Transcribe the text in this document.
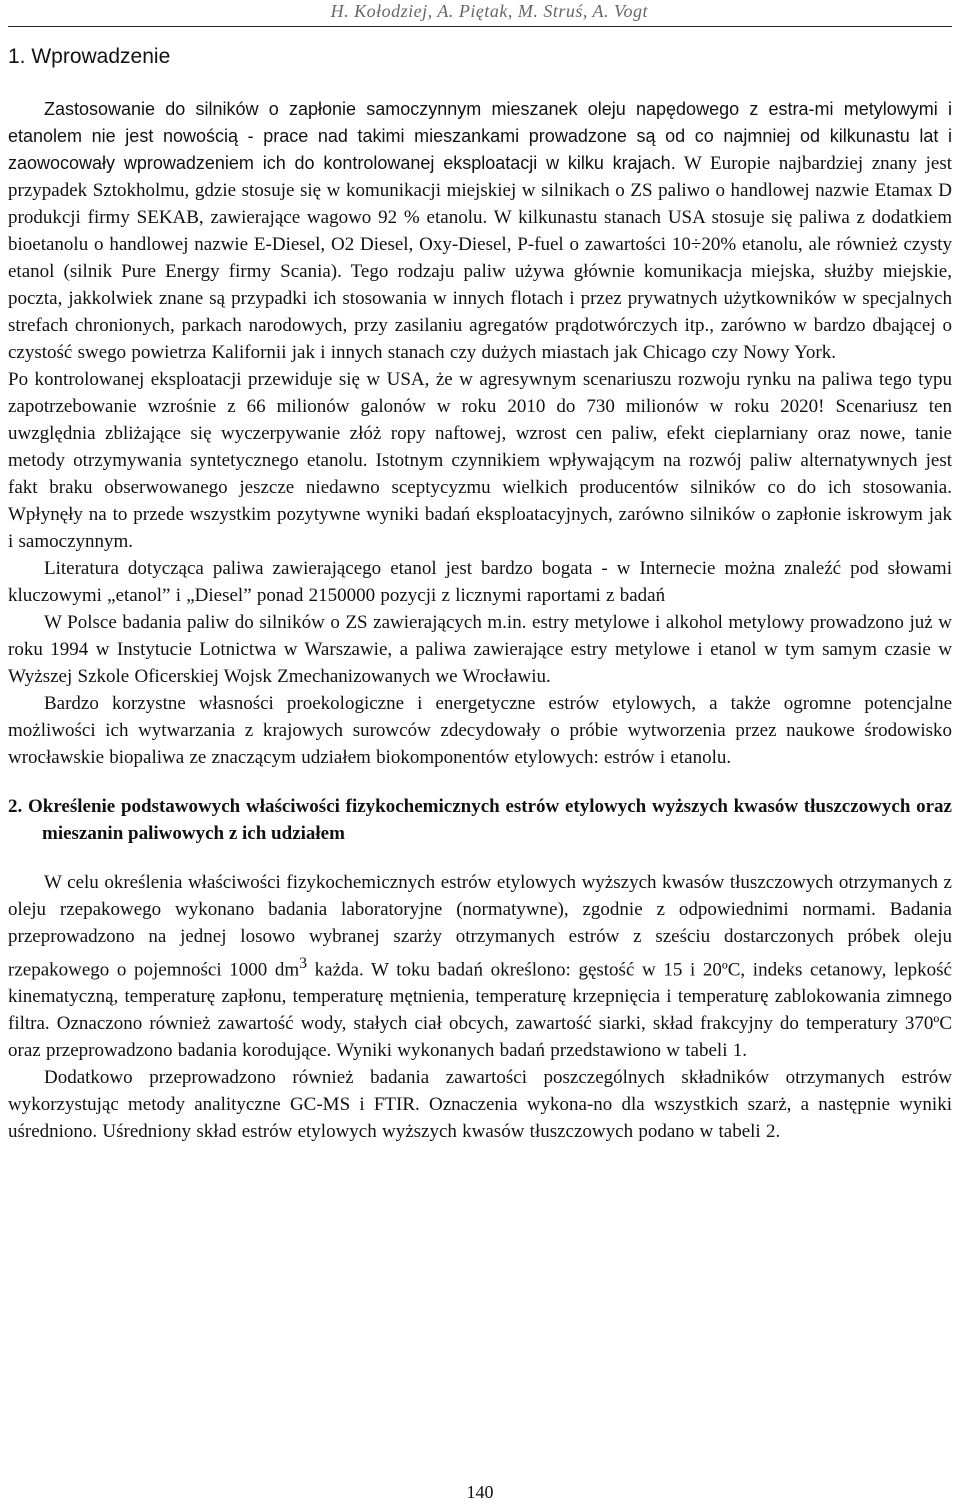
H. Kołodziej, A. Piętak, M. Struś, A. Vogt
1. Wprowadzenie

Zastosowanie do silników o zapłonie samoczynnym mieszanek oleju napędowego z estra-mi metylowymi i etanolem nie jest nowością - prace nad takimi mieszankami prowadzone są od co najmniej od kilkunastu lat i zaowocowały wprowadzeniem ich do kontrolowanej eksploatacji w kilku krajach. W Europie najbardziej znany jest przypadek Sztokholmu, gdzie stosuje się w komunikacji miejskiej w silnikach o ZS paliwo o handlowej nazwie Etamax D produkcji firmy SEKAB, zawierające wagowo 92 % etanolu. W kilkunastu stanach USA stosuje się paliwa z dodatkiem bioetanolu o handlowej nazwie E-Diesel, O2 Diesel, Oxy-Diesel, P-fuel o zawartości 10÷20% etanolu, ale również czysty etanol (silnik Pure Energy firmy Scania). Tego rodzaju paliw używa głównie komunikacja miejska, służby miejskie, poczta, jakkolwiek znane są przypadki ich stosowania w innych flotach i przez prywatnych użytkowników w specjalnych strefach chronionych, parkach narodowych, przy zasilaniu agregatów prądotwórczych itp., zarówno w bardzo dbającej o czystość swego powietrza Kalifornii jak i innych stanach czy dużych miastach jak Chicago czy Nowy York.

Po kontrolowanej eksploatacji przewiduje się w USA, że w agresywnym scenariuszu rozwoju rynku na paliwa tego typu zapotrzebowanie wzrośnie z 66 milionów galonów w roku 2010 do 730 milionów w roku 2020! Scenariusz ten uwzględnia zbliżające się wyczerpywanie złóż ropy naftowej, wzrost cen paliw, efekt cieplarniany oraz nowe, tanie metody otrzymywania syntetycznego etanolu. Istotnym czynnikiem wpływającym na rozwój paliw alternatywnych jest fakt braku obserwowanego jeszcze niedawno sceptycyzmu wielkich producentów silników co do ich stosowania. Wpłynęły na to przede wszystkim pozytywne wyniki badań eksploatacyjnych, zarówno silników o zapłonie iskrowym jak i samoczynnym.

Literatura dotycząca paliwa zawierającego etanol jest bardzo bogata - w Internecie można znaleźć pod słowami kluczowymi „etanol” i „Diesel” ponad 2150000 pozycji z licznymi raportami z badań

W Polsce badania paliw do silników o ZS zawierających m.in. estry metylowe i alkohol metylowy prowadzono już w roku 1994 w Instytucie Lotnictwa w Warszawie, a paliwa zawierające estry metylowe i etanol w tym samym czasie w Wyższej Szkole Oficerskiej Wojsk Zmechanizowanych we Wrocławiu.

Bardzo korzystne własności proekologiczne i energetyczne estrów etylowych, a także ogromne potencjalne możliwości ich wytwarzania z krajowych surowców zdecydowały o próbie wytworzenia przez naukowe środowisko wrocławskie biopaliwa ze znaczącym udziałem biokomponentów etylowych: estrów i etanolu.

2. Określenie podstawowych właściwości fizykochemicznych estrów etylowych wyższych kwasów tłuszczowych oraz mieszanin paliwowych z ich udziałem

W celu określenia właściwości fizykochemicznych estrów etylowych wyższych kwasów tłuszczowych otrzymanych z oleju rzepakowego wykonano badania laboratoryjne (normatywne), zgodnie z odpowiednimi normami. Badania przeprowadzono na jednej losowo wybranej szarży otrzymanych estrów z sześciu dostarczonych próbek oleju rzepakowego o pojemności 1000 $dm^3$ każda. W toku badań określono: gęstość w 15 i 20ºC, indeks cetanowy, lepkość kinematyczną, temperaturę zapłonu, temperaturę mętnienia, temperaturę krzepnięcia i temperaturę zablokowania zimnego filtra. Oznaczono również zawartość wody, stałych ciał obcych, zawartość siarki, skład frakcyjny do temperatury 370ºC oraz przeprowadzono badania korodujące. Wyniki wykonanych badań przedstawiono w tabeli 1.

Dodatkowo przeprowadzono również badania zawartości poszczególnych składników otrzymanych estrów wykorzystując metody analityczne GC-MS i FTIR. Oznaczenia wykona-no dla wszystkich szarż, a następnie wyniki uśredniono. Uśredniony skład estrów etylowych wyższych kwasów tłuszczowych podano w tabeli 2.

140
